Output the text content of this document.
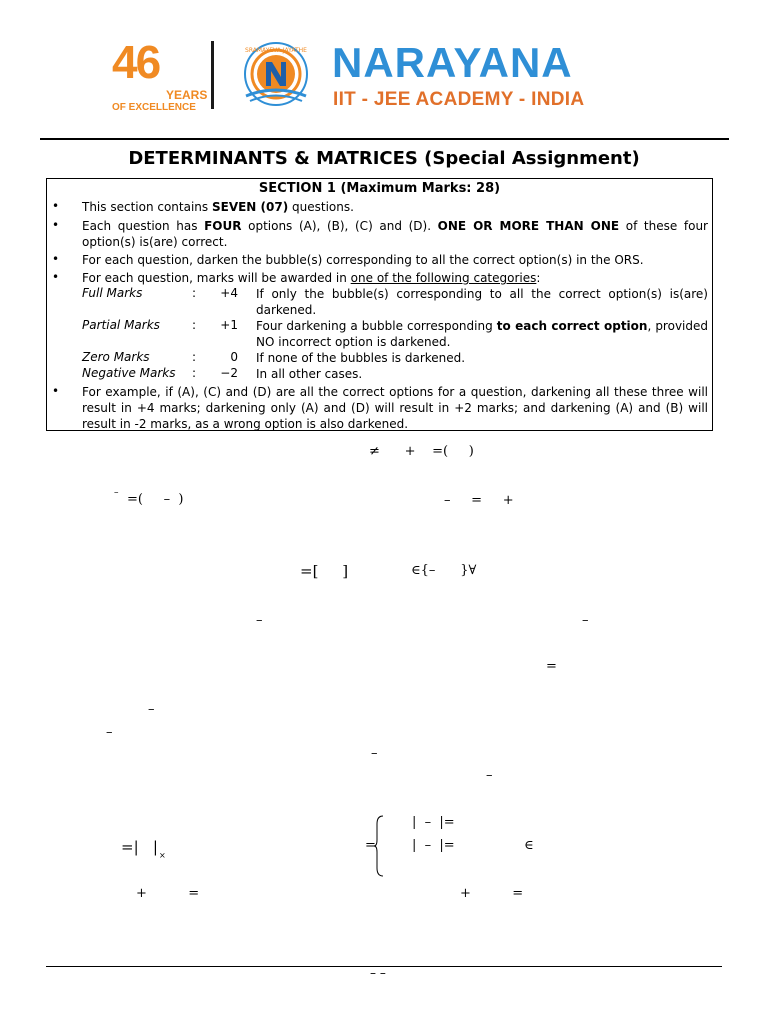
46
YEARS
OF EXCELLENCE
SRAMAYEVA JAYATHE NARAYANA
IIT - JEE ACADEMY - INDIA
DETERMINANTS & MATRICES (Special Assignment)
SECTION 1 (Maximum Marks: 28)
• This section contains SEVEN (07) questions.
• Each question has FOUR options (A), (B), (C) and (D). ONE OR MORE THAN ONE of these four option(s) is(are) correct.
• For each question, darken the bubble(s) corresponding to all the correct option(s) in the ORS.
• For each question, marks will be awarded in one of the following categories:
Full Marks	:	+4 If only the bubble(s) corresponding to all the correct option(s) is(are) darkened.
Partial Marks	:	+1 Four darkening a bubble corresponding to each correct option, provided NO incorrect option is darkened.
Zero Marks	:	0 If none of the bubbles is darkened.
Negative Marks :	−2 In all other cases.
• For example, if (A), (C) and (D) are all the correct options for a question, darkening all these three will result in +4 marks; darkening only (A) and (D) will result in +2 marks; and darkening (A) and (B) will result in -2 marks, as a wrong option is also darkened.
≠      +    =(     )
– =(     –  )	–     =     +
=[     ]	∈{–      }∀
–	–
=
–
–
–
–
=|   | ×
|  –  |=
=	|  –  |=	∈
+          =	+          =
– –
